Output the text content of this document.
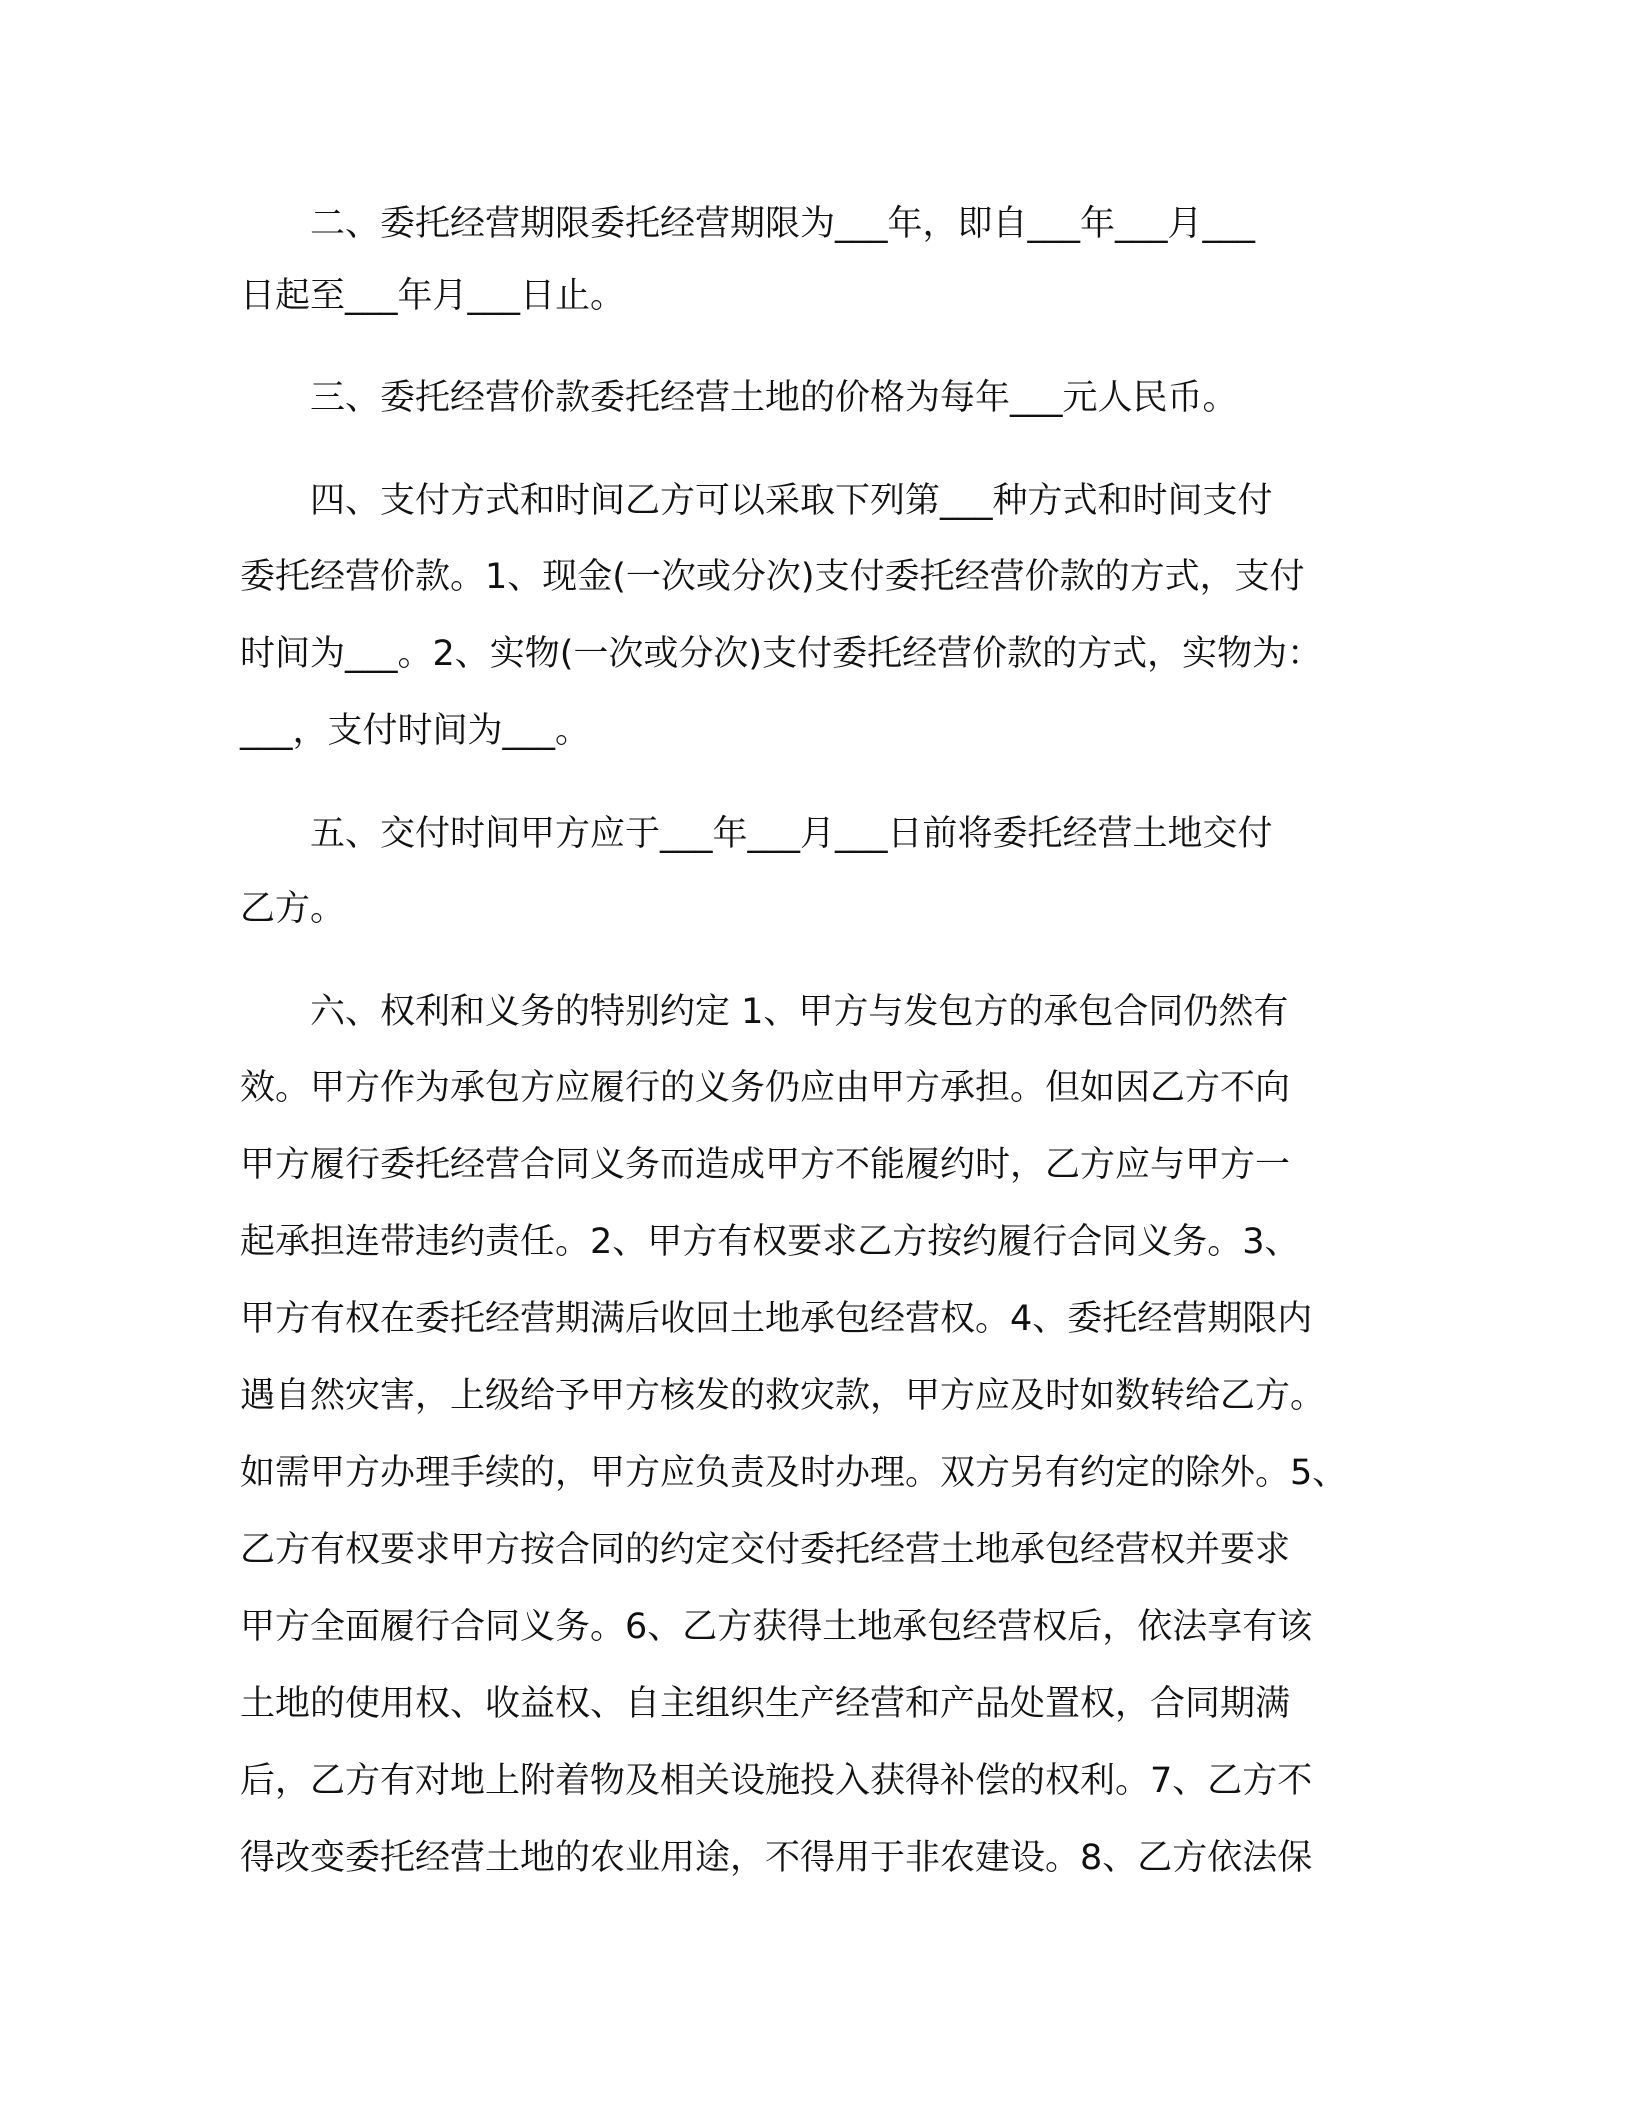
　　二、委托经营期限委托经营期限为___年，即自___年___月___
日起至___年月___日止。
　　三、委托经营价款委托经营土地的价格为每年___元人民币。
　　四、支付方式和时间乙方可以采取下列第___种方式和时间支付
委托经营价款。1、现金(一次或分次)支付委托经营价款的方式，支付
时间为___。2、实物(一次或分次)支付委托经营价款的方式，实物为：
___，支付时间为___。
　　五、交付时间甲方应于___年___月___日前将委托经营土地交付
乙方。
　　六、权利和义务的特别约定 1、甲方与发包方的承包合同仍然有
效。甲方作为承包方应履行的义务仍应由甲方承担。但如因乙方不向
甲方履行委托经营合同义务而造成甲方不能履约时，乙方应与甲方一
起承担连带违约责任。2、甲方有权要求乙方按约履行合同义务。3、
甲方有权在委托经营期满后收回土地承包经营权。4、委托经营期限内
遇自然灾害，上级给予甲方核发的救灾款，甲方应及时如数转给乙方。
如需甲方办理手续的，甲方应负责及时办理。双方另有约定的除外。5、
乙方有权要求甲方按合同的约定交付委托经营土地承包经营权并要求
甲方全面履行合同义务。6、乙方获得土地承包经营权后，依法享有该
土地的使用权、收益权、自主组织生产经营和产品处置权，合同期满
后，乙方有对地上附着物及相关设施投入获得补偿的权利。7、乙方不
得改变委托经营土地的农业用途，不得用于非农建设。8、乙方依法保
